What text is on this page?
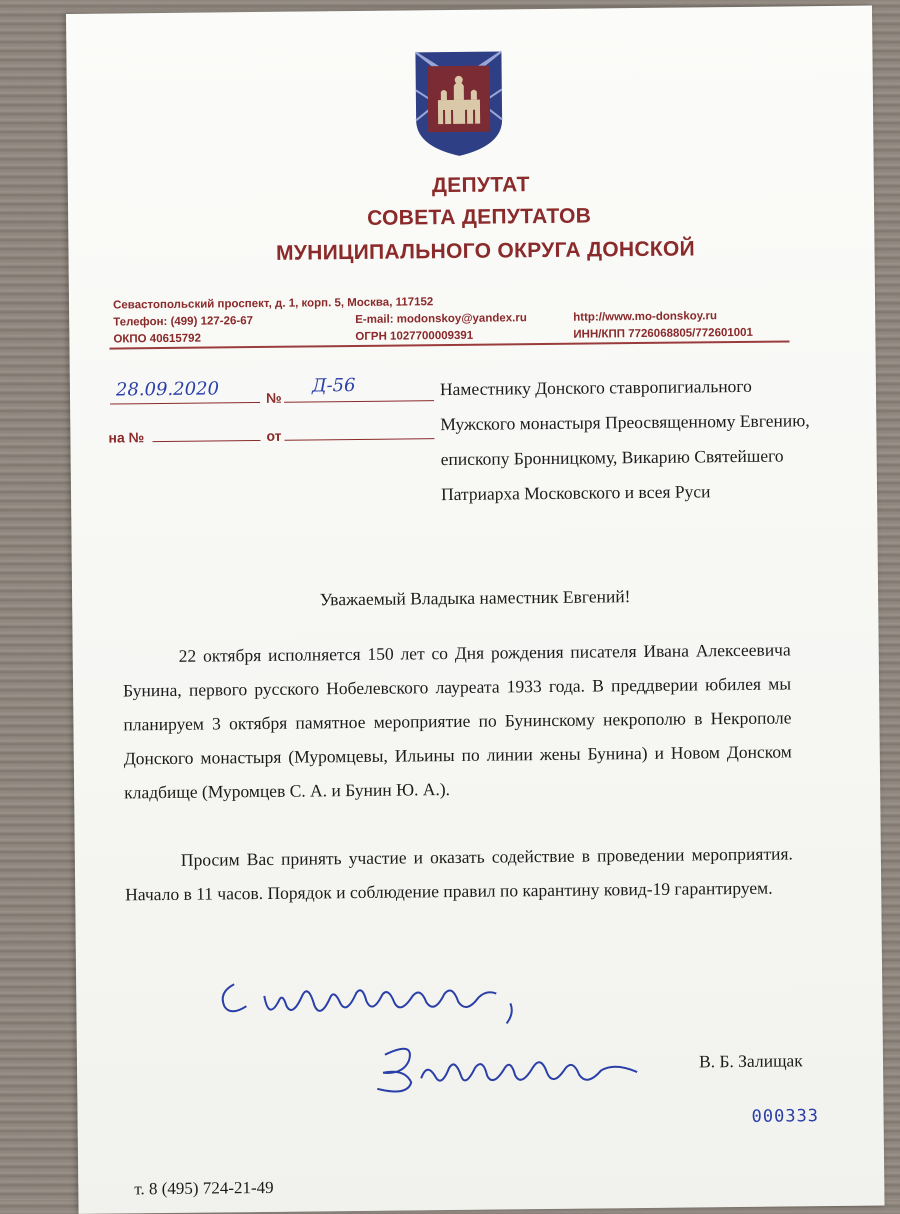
ДЕПУТАТ
СОВЕТА ДЕПУТАТОВ
МУНИЦИПАЛЬНОГО ОКРУГА ДОНСКОЙ
Севастопольский проспект, д. 1, корп. 5, Москва, 117152
Телефон: (499) 127-26-67
ОКПО 40615792
E-mail: modonskoy@yandex.ru
ОГРН 1027700009391
http://www.mo-donskoy.ru
ИНН/КПП 7726068805/772601001
28.09.2020	№
Д-56
на №	от
Наместнику Донского ставропигиального Мужского монастыря Преосвященному Евгению, епископу Бронницкому, Викарию Святейшего Патриарха Московского и всея Руси
Уважаемый Владыка наместник Евгений!

22 октября исполняется 150 лет со Дня рождения писателя Ивана Алексеевича Бунина, первого русского Нобелевского лауреата 1933 года. В преддверии юбилея мы планируем 3 октября памятное мероприятие по Бунинскому некрополю в Некрополе Донского монастыря (Муромцевы, Ильины по линии жены Бунина) и Новом Донском кладбище (Муромцев С. А. и Бунин Ю. А.).

Просим Вас принять участие и оказать содействие в проведении мероприятия. Начало в 11 часов. Порядок и соблюдение правил по карантину ковид-19 гарантируем.

В. Б. Залищак
000333
т. 8 (495) 724-21-49
